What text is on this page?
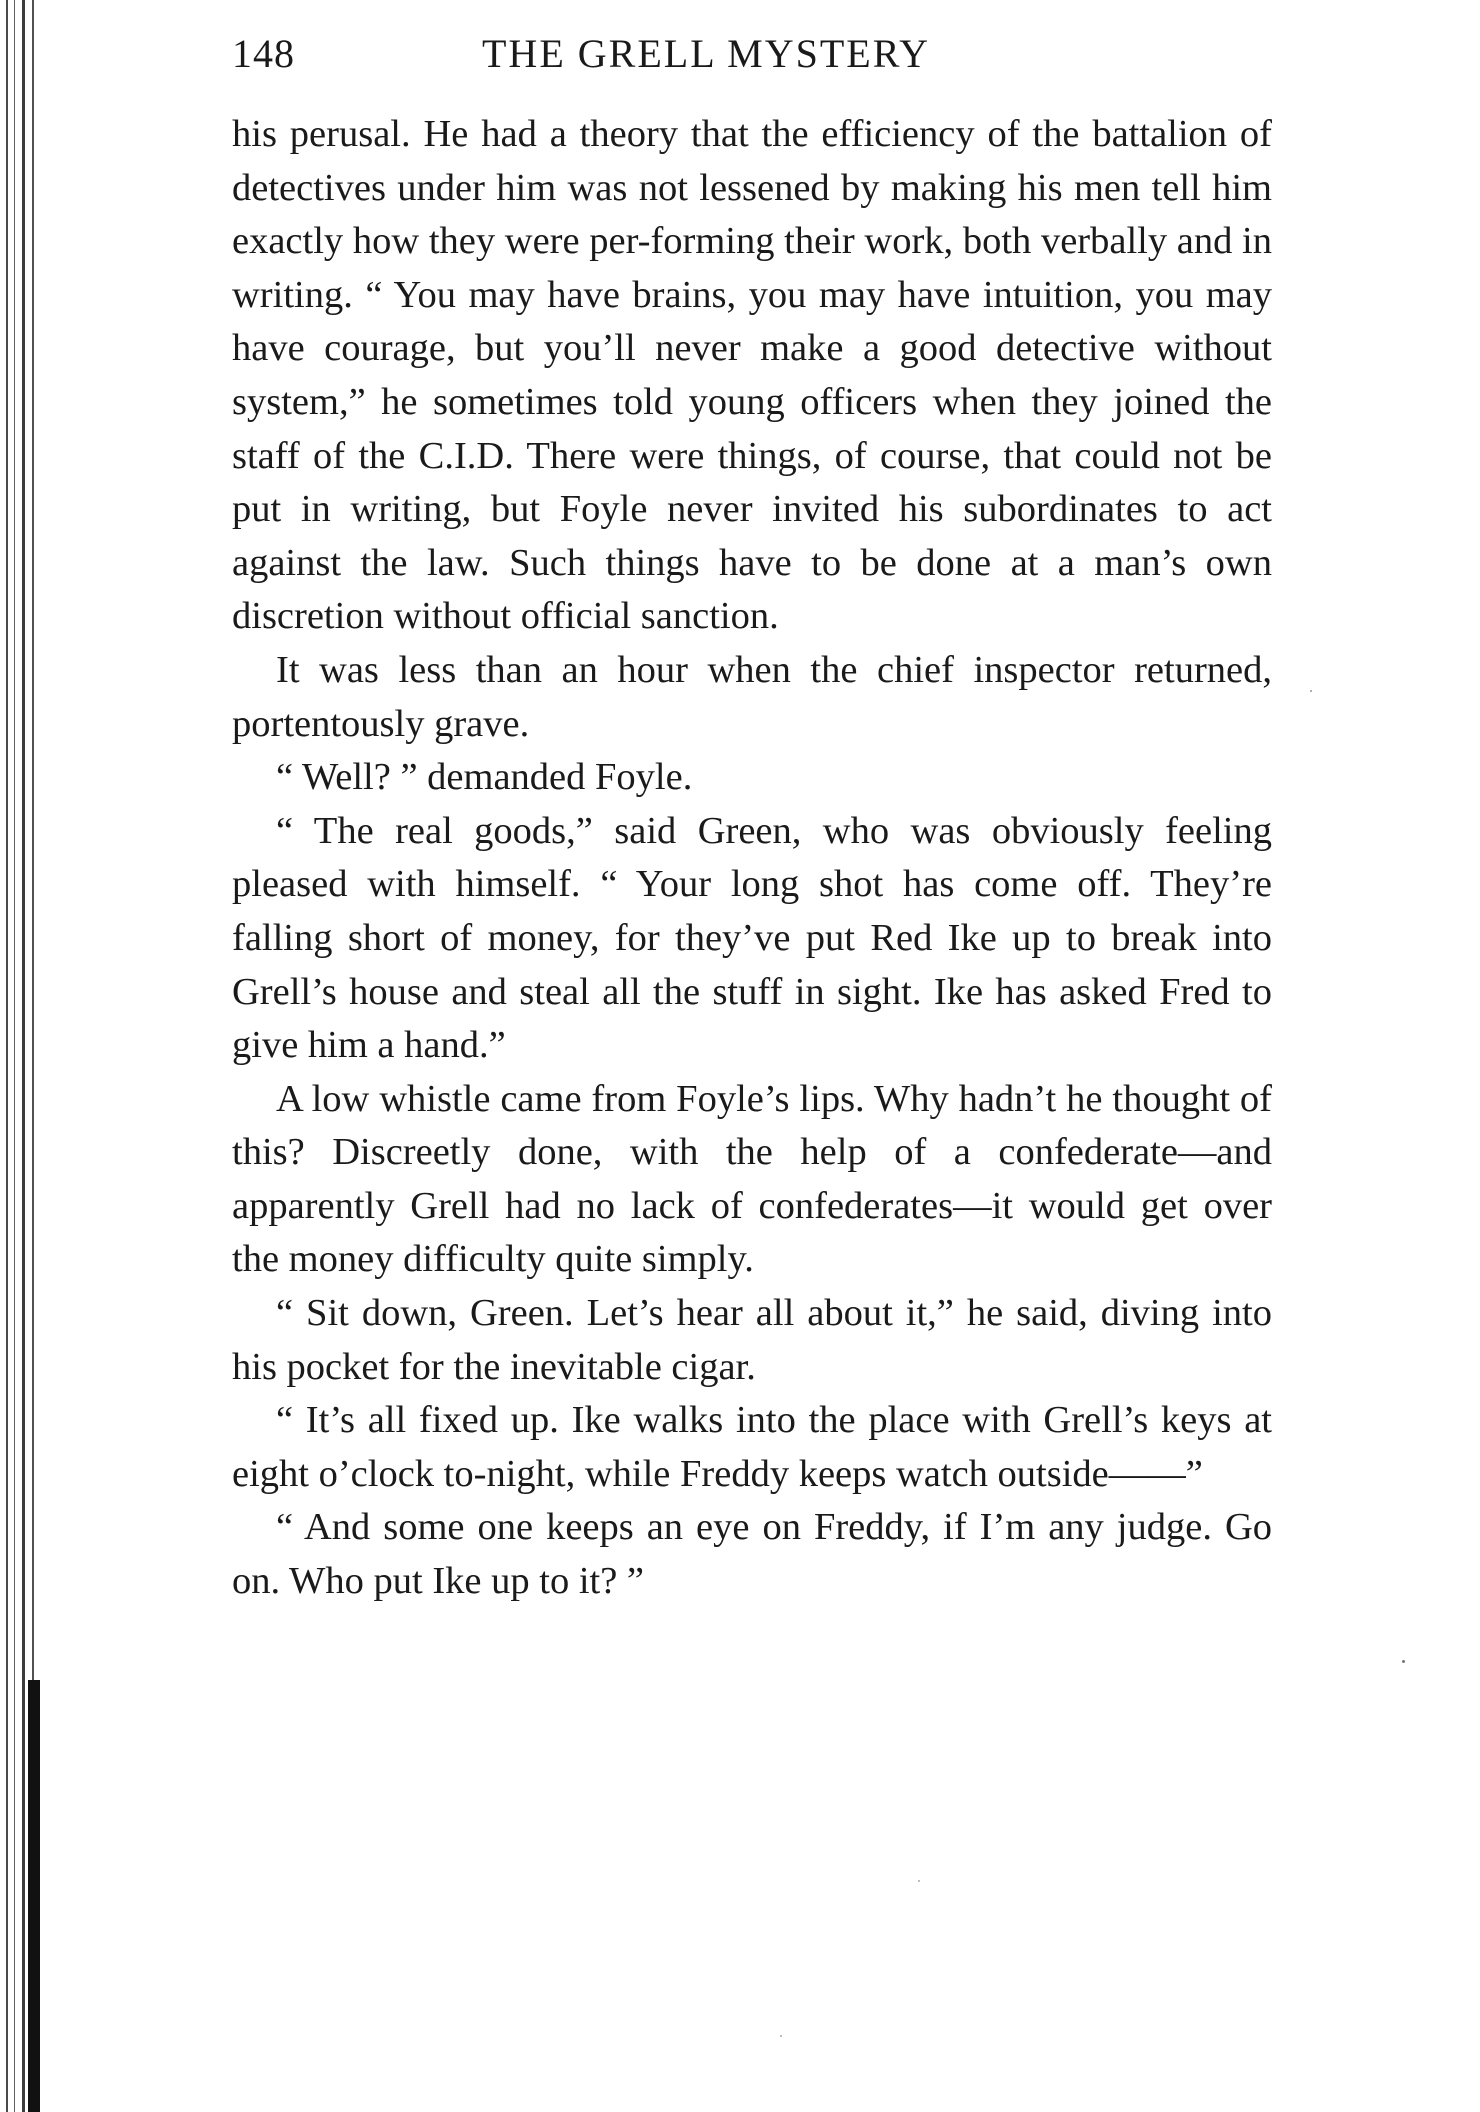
148	THE GRELL MYSTERY

his perusal. He had a theory that the efficiency of the battalion of detectives under him was not lessened by making his men tell him exactly how they were per-forming their work, both verbally and in writing. “ You may have brains, you may have intuition, you may have courage, but you’ll never make a good detective without system,” he sometimes told young officers when they joined the staff of the C.I.D. There were things, of course, that could not be put in writing, but Foyle never invited his subordinates to act against the law. Such things have to be done at a man’s own discretion without official sanction.

It was less than an hour when the chief inspector returned, portentously grave.

“ Well? ” demanded Foyle.

“ The real goods,” said Green, who was obviously feeling pleased with himself. “ Your long shot has come off. They’re falling short of money, for they’ve put Red Ike up to break into Grell’s house and steal all the stuff in sight. Ike has asked Fred to give him a hand.”

A low whistle came from Foyle’s lips. Why hadn’t he thought of this? Discreetly done, with the help of a confederate—and apparently Grell had no lack of confederates—it would get over the money difficulty quite simply.

“ Sit down, Green. Let’s hear all about it,” he said, diving into his pocket for the inevitable cigar.

“ It’s all fixed up. Ike walks into the place with Grell’s keys at eight o’clock to-night, while Freddy keeps watch outside——”

“ And some one keeps an eye on Freddy, if I’m any judge. Go on. Who put Ike up to it? ”
